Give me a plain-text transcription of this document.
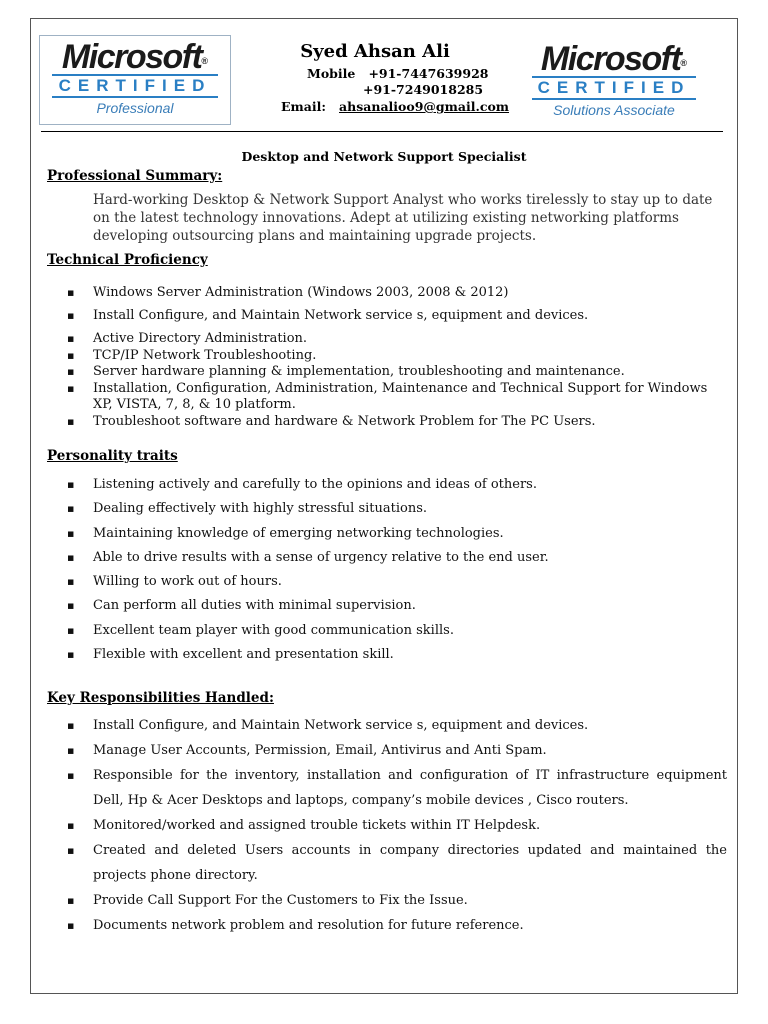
Microsoft®
CERTIFIED
Professional
Syed Ahsan Ali
Mobile +91-7447639928
+91-7249018285
Email: ahsanalioo9@gmail.com
Microsoft®
CERTIFIED
Solutions Associate
Desktop and Network Support Specialist
Professional Summary:
Hard-working Desktop & Network Support Analyst who works tirelessly to stay up to date on the latest technology innovations. Adept at utilizing existing networking platforms developing outsourcing plans and maintaining upgrade projects.
Technical Proficiency
▪ Windows Server Administration (Windows 2003, 2008 & 2012)
▪ Install Configure, and Maintain Network service s, equipment and devices.
▪ Active Directory Administration.
▪ TCP/IP Network Troubleshooting.
▪ Server hardware planning & implementation, troubleshooting and maintenance.
▪ Installation, Configuration, Administration, Maintenance and Technical Support for Windows XP, VISTA, 7, 8, & 10 platform.
▪ Troubleshoot software and hardware & Network Problem for The PC Users.
Personality traits
▪ Listening actively and carefully to the opinions and ideas of others.
▪ Dealing effectively with highly stressful situations.
▪ Maintaining knowledge of emerging networking technologies.
▪ Able to drive results with a sense of urgency relative to the end user.
▪ Willing to work out of hours.
▪ Can perform all duties with minimal supervision.
▪ Excellent team player with good communication skills.
▪ Flexible with excellent and presentation skill.
Key Responsibilities Handled:
▪ Install Configure, and Maintain Network service s, equipment and devices.
▪ Manage User Accounts, Permission, Email, Antivirus and Anti Spam.
▪ Responsible for the inventory, installation and configuration of IT infrastructure equipment Dell, Hp & Acer Desktops and laptops, company’s mobile devices , Cisco routers.
▪ Monitored/worked and assigned trouble tickets within IT Helpdesk.
▪ Created and deleted Users accounts in company directories updated and maintained the projects phone directory.
▪ Provide Call Support For the Customers to Fix the Issue.
▪ Documents network problem and resolution for future reference.
